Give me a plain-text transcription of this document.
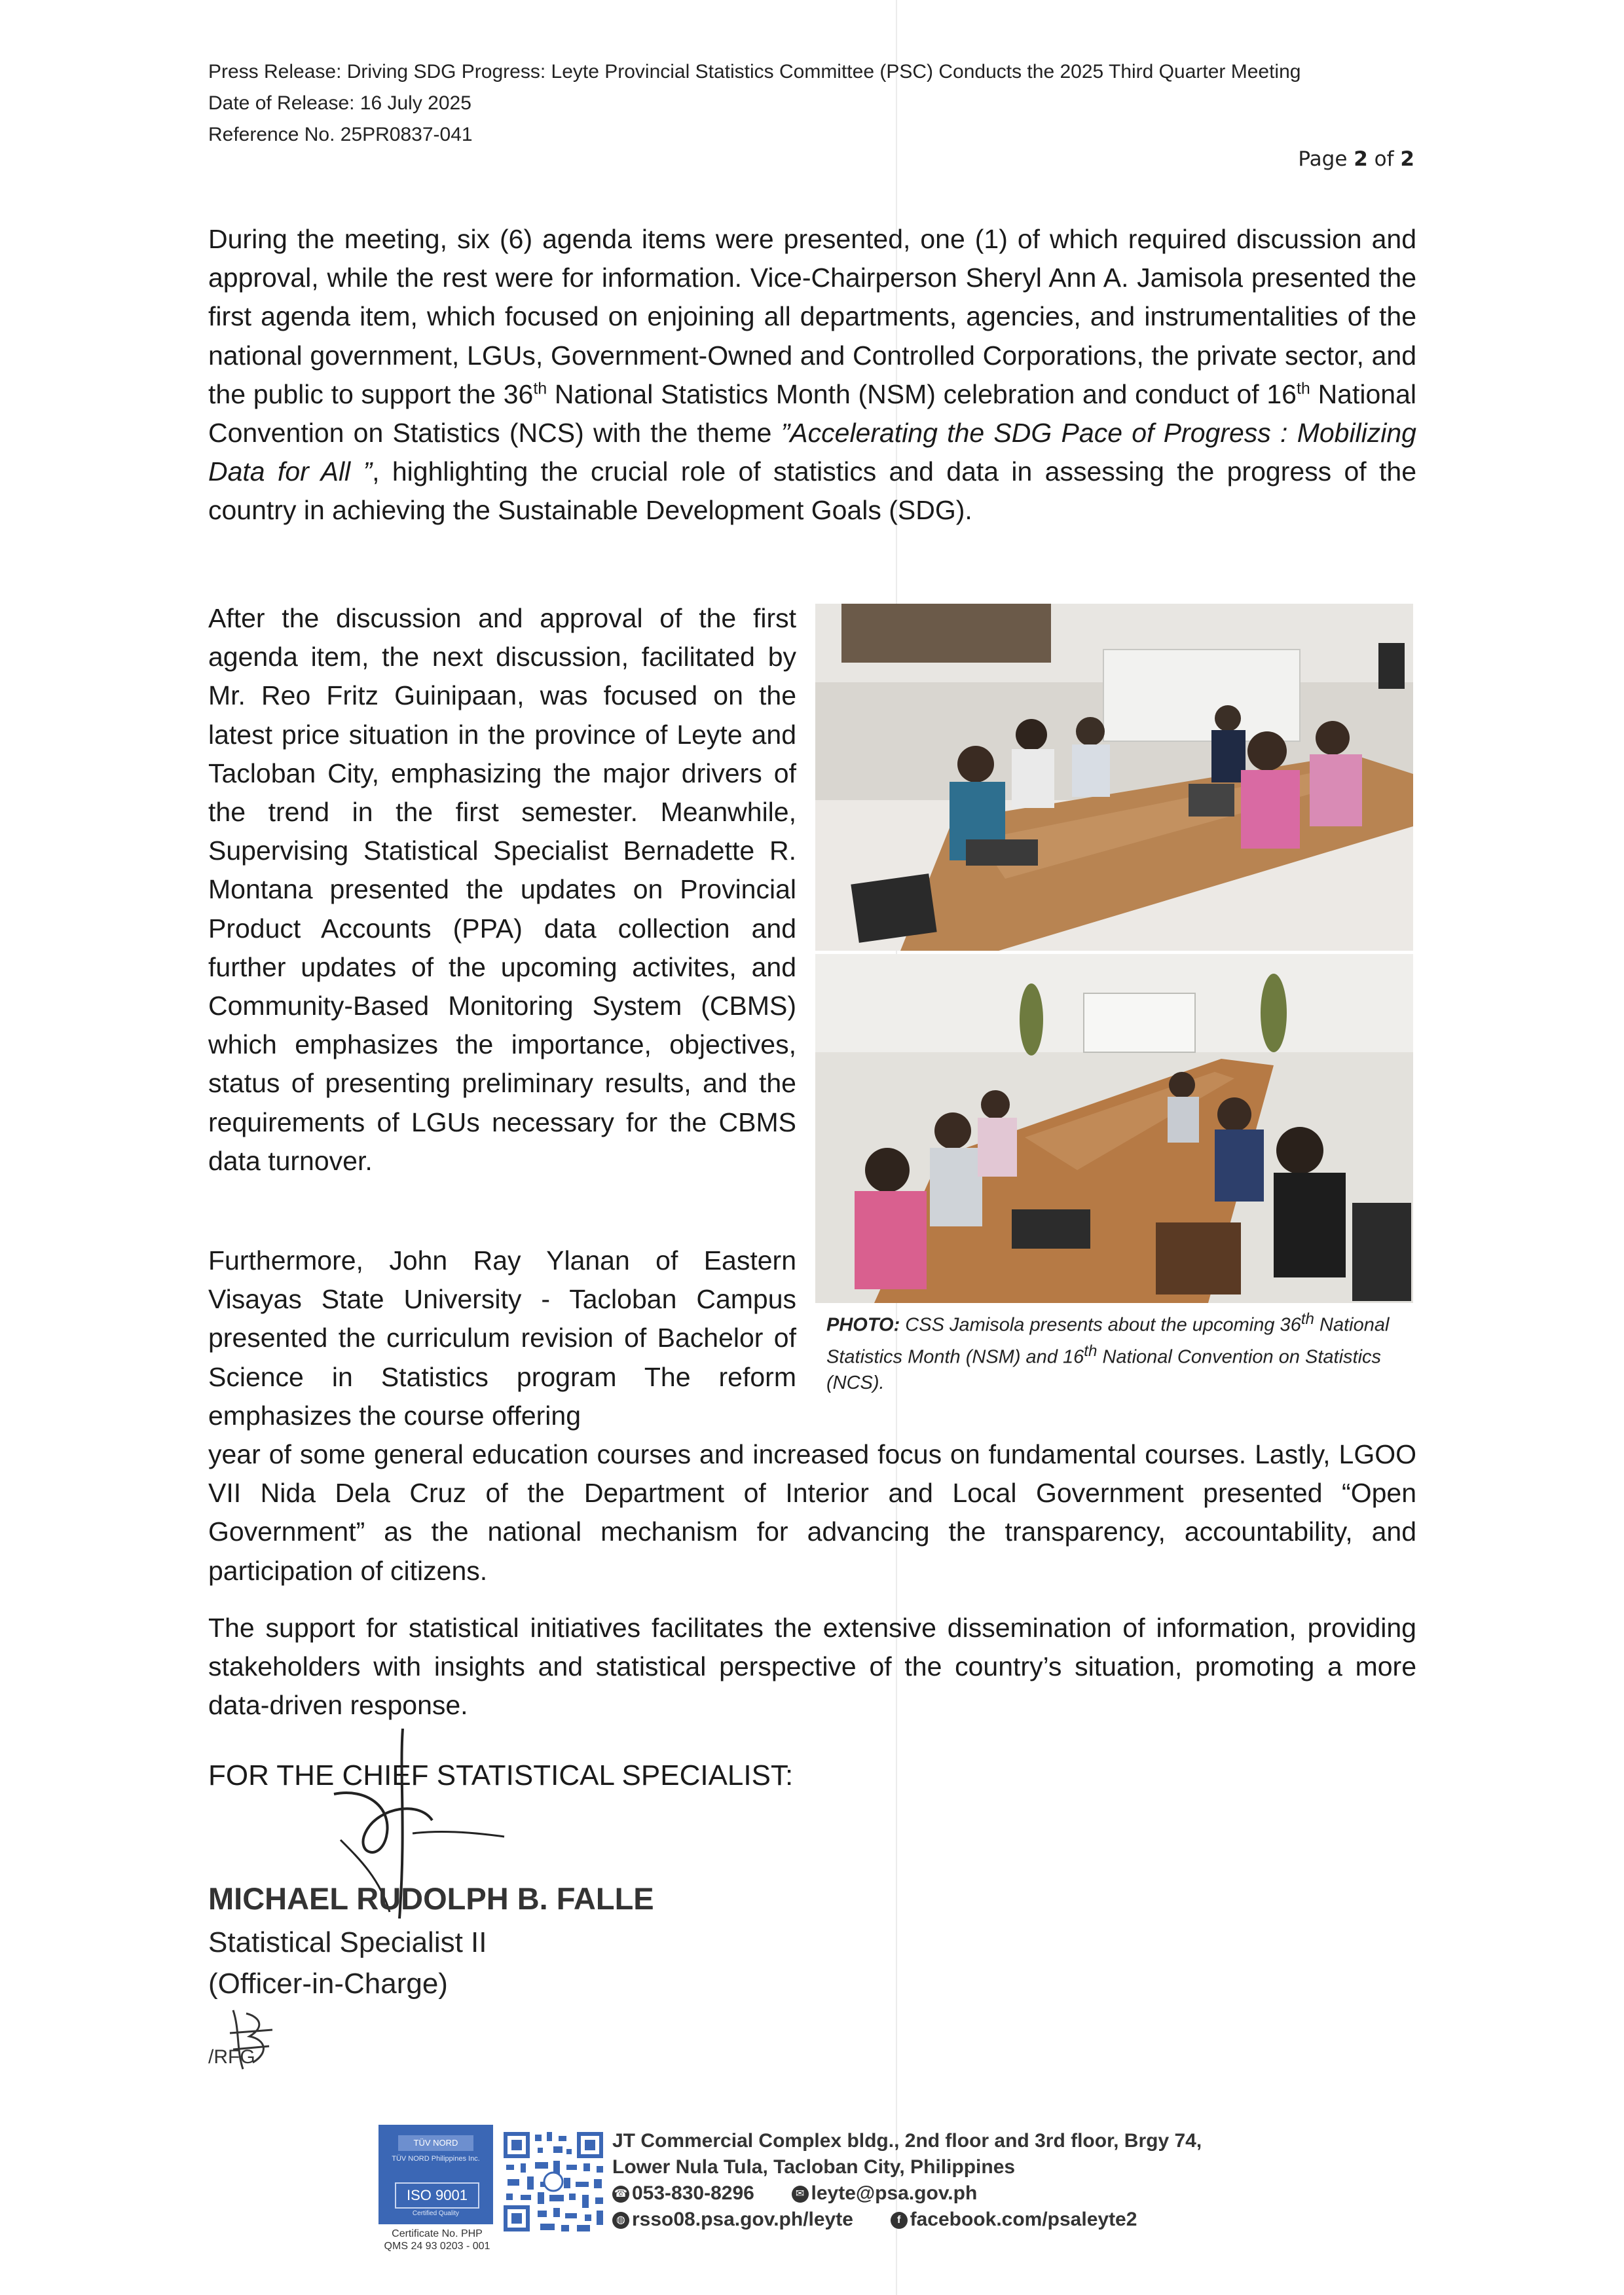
Press Release: Driving SDG Progress: Leyte Provincial Statistics Committee (PSC) Conducts the 2025 Third Quarter Meeting
Date of Release: 16 July 2025
Reference No. 25PR0837-041
Page 2 of 2

During the meeting, six (6) agenda items were presented, one (1) of which required discussion and approval, while the rest were for information. Vice-Chairperson Sheryl Ann A. Jamisola presented the first agenda item, which focused on enjoining all departments, agencies, and instrumentalities of the national government, LGUs, Government-Owned and Controlled Corporations, the private sector, and the public to support the 36th National Statistics Month (NSM) celebration and conduct of 16th National Convention on Statistics (NCS) with the theme ”Accelerating the SDG Pace of Progress : Mobilizing Data for All ”, highlighting the crucial role of statistics and data in assessing the progress of the country in achieving the Sustainable Development Goals (SDG).

After the discussion and approval of the first agenda item, the next discussion, facilitated by Mr. Reo Fritz Guinipaan, was focused on the latest price situation in the province of Leyte and Tacloban City, emphasizing the major drivers of the trend in the first semester. Meanwhile, Supervising Statistical Specialist Bernadette R. Montana presented the updates on Provincial Product Accounts (PPA) data collection and further updates of the upcoming activites, and Community-Based Monitoring System (CBMS) which emphasizes the importance, objectives, status of presenting preliminary results, and the requirements of LGUs necessary for the CBMS data turnover.

PHOTO: CSS Jamisola presents about the upcoming 36th National Statistics Month (NSM) and 16th National Convention on Statistics (NCS).

Furthermore, John Ray Ylanan of Eastern Visayas State University - Tacloban Campus presented the curriculum revision of Bachelor of Science in Statistics program The reform emphasizes the course offering

year of some general education courses and increased focus on fundamental courses. Lastly, LGOO VII Nida Dela Cruz of the Department of Interior and Local Government presented “Open Government” as the national mechanism for advancing the transparency, accountability, and participation of citizens.

The support for statistical initiatives facilitates the extensive dissemination of information, providing stakeholders with insights and statistical perspective of the country’s situation, promoting a more data-driven response.

FOR THE CHIEF STATISTICAL SPECIALIST:

MICHAEL RUDOLPH B. FALLE

Statistical Specialist II

(Officer-in-Charge)

/RFG

TÜV NORD
TÜV NORD Philippines Inc.
ISO 9001
Certified Quality
Certificate No. PHP
QMS 24 93 0203 - 001
JT Commercial Complex bldg., 2nd floor and 3rd floor, Brgy 74,
Lower Nula Tula, Tacloban City, Philippines
☎ 053-830-8296	✉ leyte@psa.gov.ph
◍ rsso08.psa.gov.ph/leyte	f facebook.com/psaleyte2
